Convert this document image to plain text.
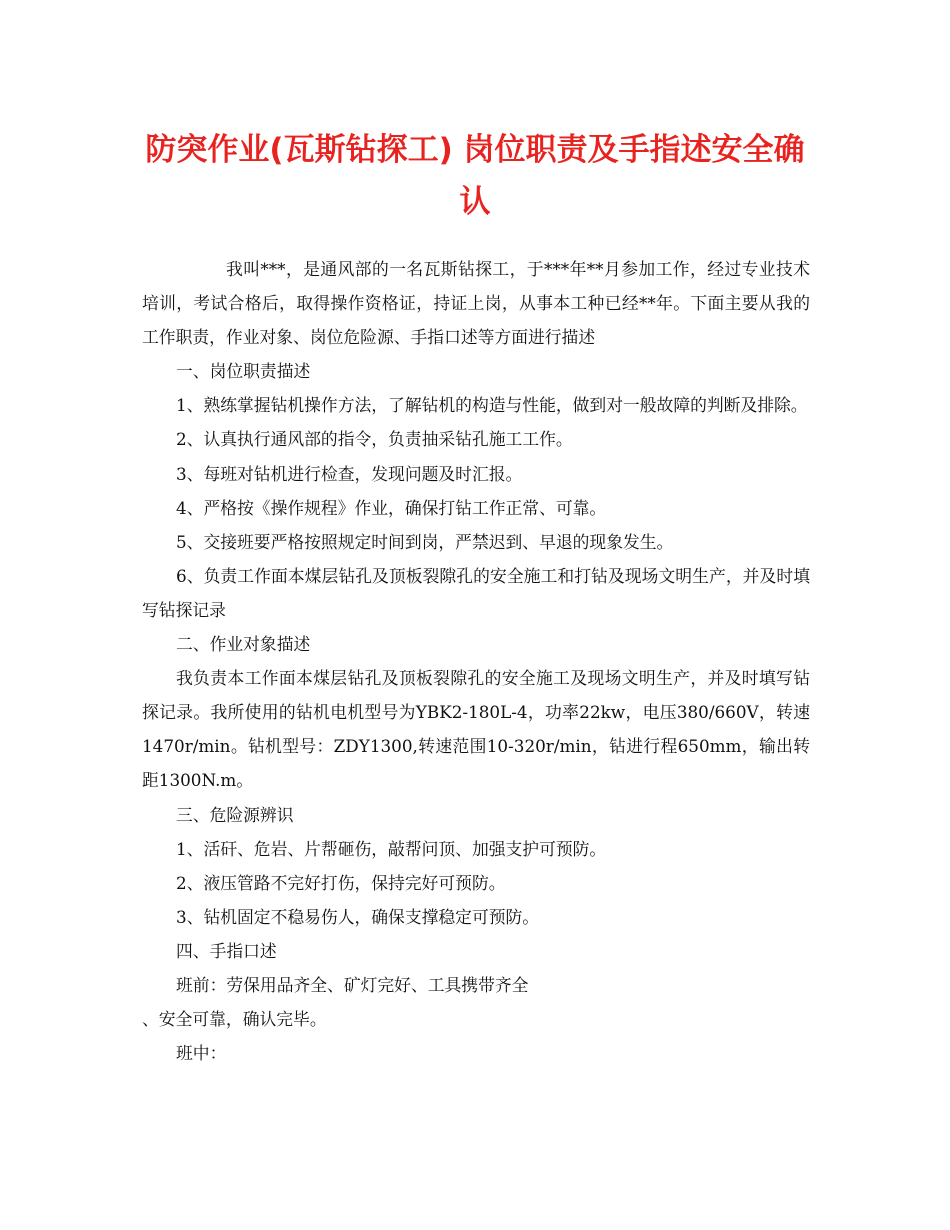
防突作业(瓦斯钻探工) 岗位职责及手指述安全确认

我叫***，是通风部的一名瓦斯钻探工，于***年**月参加工作，经过专业技术培训，考试合格后，取得操作资格证，持证上岗，从事本工种已经**年。下面主要从我的工作职责，作业对象、岗位危险源、手指口述等方面进行描述

一、岗位职责描述

1、熟练掌握钻机操作方法，了解钻机的构造与性能，做到对一般故障的判断及排除。

2、认真执行通风部的指令，负责抽采钻孔施工工作。

3、每班对钻机进行检查，发现问题及时汇报。

4、严格按《操作规程》作业，确保打钻工作正常、可靠。

5、交接班要严格按照规定时间到岗，严禁迟到、早退的现象发生。

6、负责工作面本煤层钻孔及顶板裂隙孔的安全施工和打钻及现场文明生产，并及时填写钻探记录

二、作业对象描述

我负责本工作面本煤层钻孔及顶板裂隙孔的安全施工及现场文明生产，并及时填写钻探记录。我所使用的钻机电机型号为YBK2-180L-4，功率22kw，电压380/660V，转速1470r/min。钻机型号：ZDY1300,转速范围10-320r/min，钻进行程650mm，输出转距1300N.m。

三、危险源辨识

1、活矸、危岩、片帮砸伤，敲帮问顶、加强支护可预防。

2、液压管路不完好打伤，保持完好可预防。

3、钻机固定不稳易伤人，确保支撑稳定可预防。

四、手指口述

班前：劳保用品齐全、矿灯完好、工具携带齐全

、安全可靠，确认完毕。

班中：
